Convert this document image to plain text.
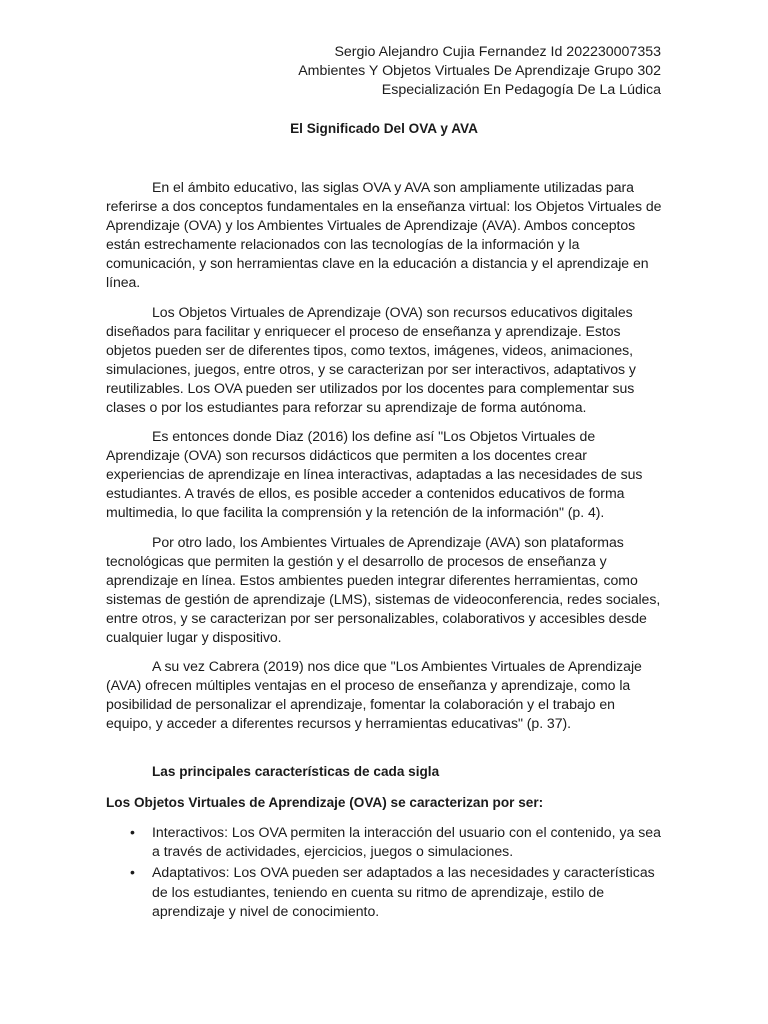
Sergio Alejandro Cujia Fernandez Id 202230007353
Ambientes Y Objetos Virtuales De Aprendizaje Grupo 302
Especialización En Pedagogía De La Lúdica
El Significado Del OVA y AVA

En el ámbito educativo, las siglas OVA y AVA son ampliamente utilizadas para referirse a dos conceptos fundamentales en la enseñanza virtual: los Objetos Virtuales de Aprendizaje (OVA) y los Ambientes Virtuales de Aprendizaje (AVA). Ambos conceptos están estrechamente relacionados con las tecnologías de la información y la comunicación, y son herramientas clave en la educación a distancia y el aprendizaje en línea.

Los Objetos Virtuales de Aprendizaje (OVA) son recursos educativos digitales diseñados para facilitar y enriquecer el proceso de enseñanza y aprendizaje. Estos objetos pueden ser de diferentes tipos, como textos, imágenes, videos, animaciones, simulaciones, juegos, entre otros, y se caracterizan por ser interactivos, adaptativos y reutilizables. Los OVA pueden ser utilizados por los docentes para complementar sus clases o por los estudiantes para reforzar su aprendizaje de forma autónoma.

Es entonces donde Diaz (2016) los define así "Los Objetos Virtuales de Aprendizaje (OVA) son recursos didácticos que permiten a los docentes crear experiencias de aprendizaje en línea interactivas, adaptadas a las necesidades de sus estudiantes. A través de ellos, es posible acceder a contenidos educativos de forma multimedia, lo que facilita la comprensión y la retención de la información" (p. 4).

Por otro lado, los Ambientes Virtuales de Aprendizaje (AVA) son plataformas tecnológicas que permiten la gestión y el desarrollo de procesos de enseñanza y aprendizaje en línea. Estos ambientes pueden integrar diferentes herramientas, como sistemas de gestión de aprendizaje (LMS), sistemas de videoconferencia, redes sociales, entre otros, y se caracterizan por ser personalizables, colaborativos y accesibles desde cualquier lugar y dispositivo.

A su vez Cabrera (2019) nos dice que "Los Ambientes Virtuales de Aprendizaje (AVA) ofrecen múltiples ventajas en el proceso de enseñanza y aprendizaje, como la posibilidad de personalizar el aprendizaje, fomentar la colaboración y el trabajo en equipo, y acceder a diferentes recursos y herramientas educativas" (p. 37).

Las principales características de cada sigla
Los Objetos Virtuales de Aprendizaje (OVA) se caracterizan por ser:
• Interactivos: Los OVA permiten la interacción del usuario con el contenido, ya sea a través de actividades, ejercicios, juegos o simulaciones.
• Adaptativos: Los OVA pueden ser adaptados a las necesidades y características de los estudiantes, teniendo en cuenta su ritmo de aprendizaje, estilo de aprendizaje y nivel de conocimiento.
